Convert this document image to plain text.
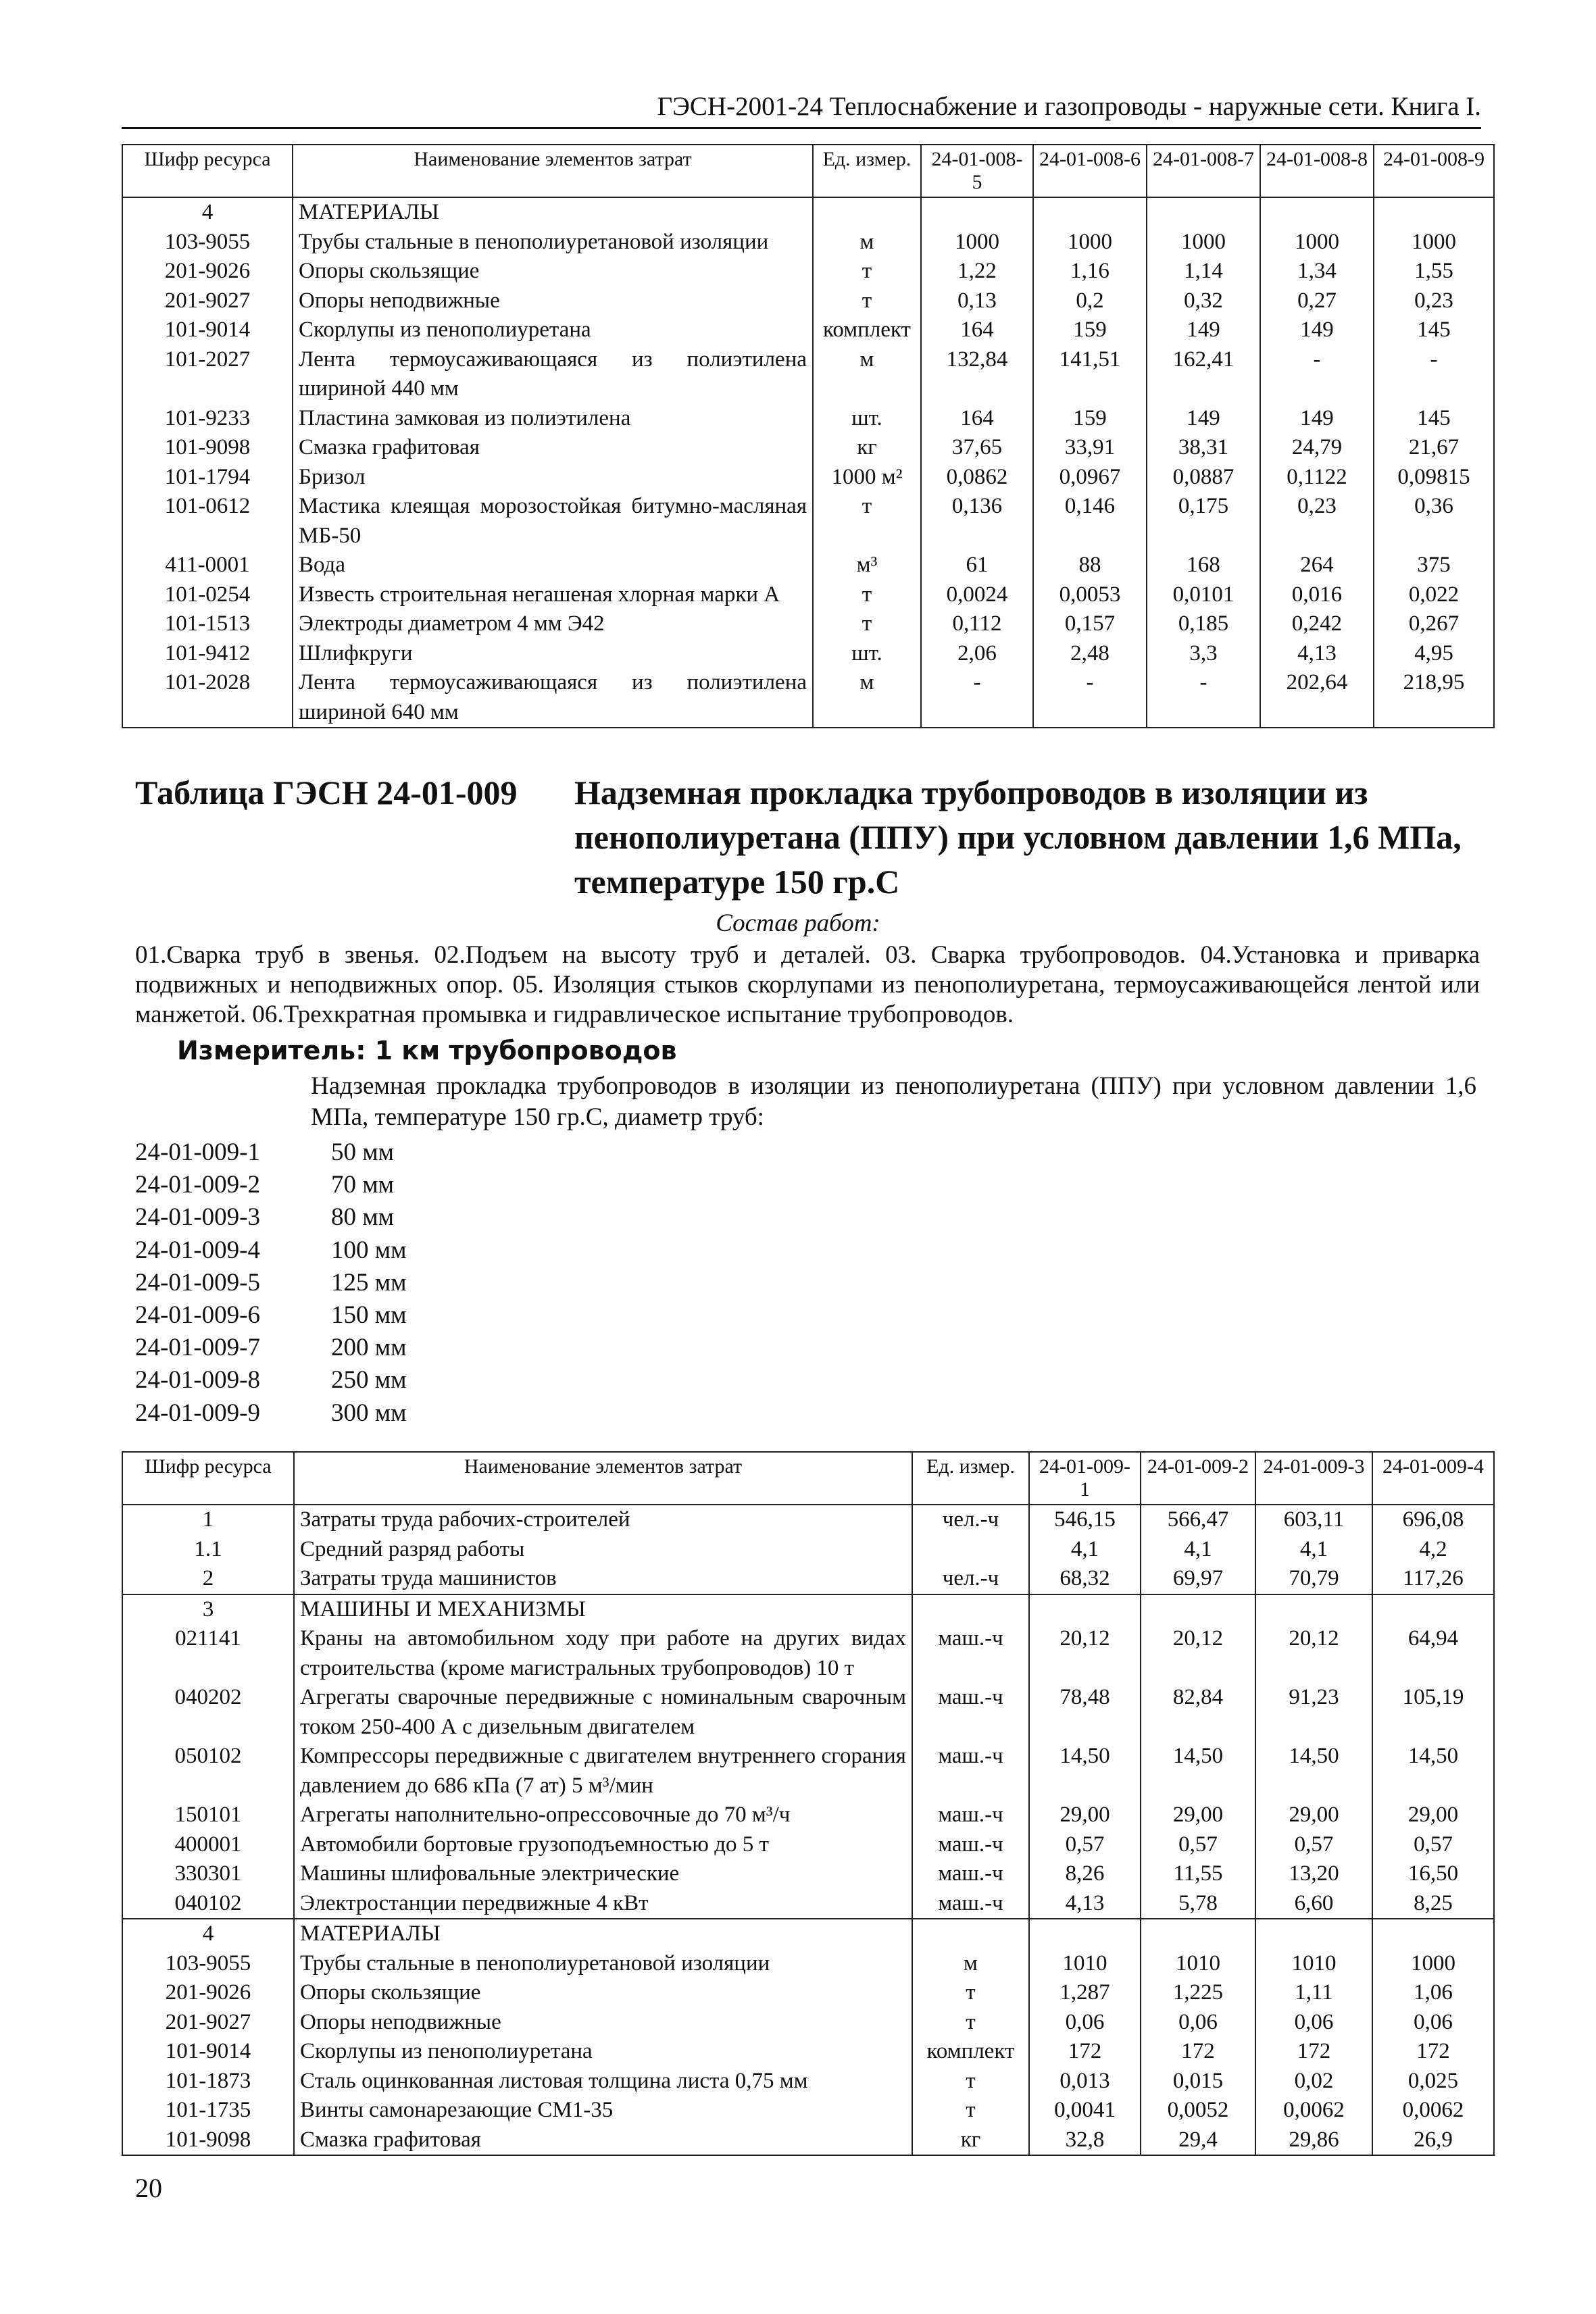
ГЭСН-2001-24 Теплоснабжение и газопроводы - наружные сети. Книга I.
Шифр ресурса	Наименование элементов затрат	Ед. измер.	24-01-008-5	24-01-008-6	24-01-008-7	24-01-008-8	24-01-008-9
4	МАТЕРИАЛЫ						
103-9055	Трубы стальные в пенополиуретановой изоляции	м	1000	1000	1000	1000	1000
201-9026	Опоры скользящие	т	1,22	1,16	1,14	1,34	1,55
201-9027	Опоры неподвижные	т	0,13	0,2	0,32	0,27	0,23
101-9014	Скорлупы из пенополиуретана	комплект	164	159	149	149	145
101-2027	Лента термоусаживающаяся из полиэтилена шириной 440 мм	м	132,84	141,51	162,41	-	-
101-9233	Пластина замковая из полиэтилена	шт.	164	159	149	149	145
101-9098	Смазка графитовая	кг	37,65	33,91	38,31	24,79	21,67
101-1794	Бризол	1000 м²	0,0862	0,0967	0,0887	0,1122	0,09815
101-0612	Мастика клеящая морозостойкая битумно-масляная МБ-50	т	0,136	0,146	0,175	0,23	0,36
411-0001	Вода	м³	61	88	168	264	375
101-0254	Известь строительная негашеная хлорная марки А	т	0,0024	0,0053	0,0101	0,016	0,022
101-1513	Электроды диаметром 4 мм Э42	т	0,112	0,157	0,185	0,242	0,267
101-9412	Шлифкруги	шт.	2,06	2,48	3,3	4,13	4,95
101-2028	Лента термоусаживающаяся из полиэтилена шириной 640 мм	м	-	-	-	202,64	218,95
Таблица ГЭСН 24-01-009 Надземная прокладка трубопроводов в изоляции из пенополиуретана (ППУ) при условном давлении 1,6 МПа, температуре 150 гр.С
Состав работ:
01.Сварка труб в звенья. 02.Подъем на высоту труб и деталей. 03. Сварка трубопроводов. 04.Установка и приварка подвижных и неподвижных опор. 05. Изоляция стыков скорлупами из пенополиуретана, термоусаживающейся лентой или манжетой. 06.Трехкратная промывка и гидравлическое испытание трубопроводов.
Измеритель: 1 км трубопроводов
Надземная прокладка трубопроводов в изоляции из пенополиуретана (ППУ) при условном давлении 1,6 МПа, температуре 150 гр.С, диаметр труб:
24-01-009-1	50 мм
24-01-009-2	70 мм
24-01-009-3	80 мм
24-01-009-4	100 мм
24-01-009-5	125 мм
24-01-009-6	150 мм
24-01-009-7	200 мм
24-01-009-8	250 мм
24-01-009-9	300 мм
Шифр ресурса	Наименование элементов затрат	Ед. измер.	24-01-009-1	24-01-009-2	24-01-009-3	24-01-009-4
1	Затраты труда рабочих-строителей	чел.-ч	546,15	566,47	603,11	696,08
1.1	Средний разряд работы		4,1	4,1	4,1	4,2
2	Затраты труда машинистов	чел.-ч	68,32	69,97	70,79	117,26
3	МАШИНЫ И МЕХАНИЗМЫ					
021141	Краны на автомобильном ходу при работе на других видах строительства (кроме магистральных трубопроводов) 10 т	маш.-ч	20,12	20,12	20,12	64,94
040202	Агрегаты сварочные передвижные с номинальным сварочным током 250-400 А с дизельным двигателем	маш.-ч	78,48	82,84	91,23	105,19
050102	Компрессоры передвижные с двигателем внутреннего сгорания давлением до 686 кПа (7 ат) 5 м³/мин	маш.-ч	14,50	14,50	14,50	14,50
150101	Агрегаты наполнительно-опрессовочные до 70 м³/ч	маш.-ч	29,00	29,00	29,00	29,00
400001	Автомобили бортовые грузоподъемностью до 5 т	маш.-ч	0,57	0,57	0,57	0,57
330301	Машины шлифовальные электрические	маш.-ч	8,26	11,55	13,20	16,50
040102	Электростанции передвижные 4 кВт	маш.-ч	4,13	5,78	6,60	8,25
4	МАТЕРИАЛЫ					
103-9055	Трубы стальные в пенополиуретановой изоляции	м	1010	1010	1010	1000
201-9026	Опоры скользящие	т	1,287	1,225	1,11	1,06
201-9027	Опоры неподвижные	т	0,06	0,06	0,06	0,06
101-9014	Скорлупы из пенополиуретана	комплект	172	172	172	172
101-1873	Сталь оцинкованная листовая толщина листа 0,75 мм	т	0,013	0,015	0,02	0,025
101-1735	Винты самонарезающие СМ1-35	т	0,0041	0,0052	0,0062	0,0062
101-9098	Смазка графитовая	кг	32,8	29,4	29,86	26,9
20
